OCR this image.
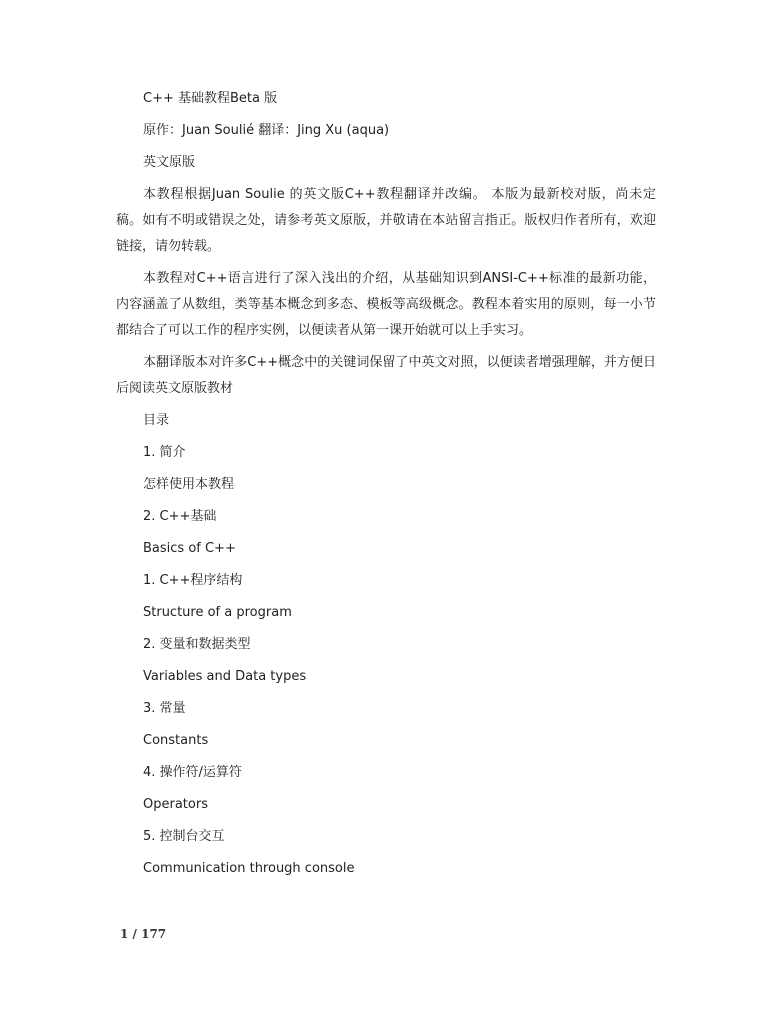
C++ 基础教程Beta 版
原作：Juan Soulié 翻译：Jing Xu (aqua)
英文原版

本教程根据Juan Soulie 的英文版C++教程翻译并改编。 本版为最新校对版，尚未定稿。如有不明或错误之处，请参考英文原版，并敬请在本站留言指正。版权归作者所有，欢迎链接，请勿转载。

本教程对C++语言进行了深入浅出的介绍，从基础知识到ANSI-C++标准的最新功能，内容涵盖了从数组，类等基本概念到多态、模板等高级概念。教程本着实用的原则，每一小节都结合了可以工作的程序实例，以便读者从第一课开始就可以上手实习。

本翻译版本对许多C++概念中的关键词保留了中英文对照，以便读者增强理解，并方便日后阅读英文原版教材

目录
1. 简介
怎样使用本教程
2. C++基础
Basics of C++
1. C++程序结构
Structure of a program
2. 变量和数据类型
Variables and Data types
3. 常量
Constants
4. 操作符/运算符
Operators
5. 控制台交互
Communication through console
1 / 177
